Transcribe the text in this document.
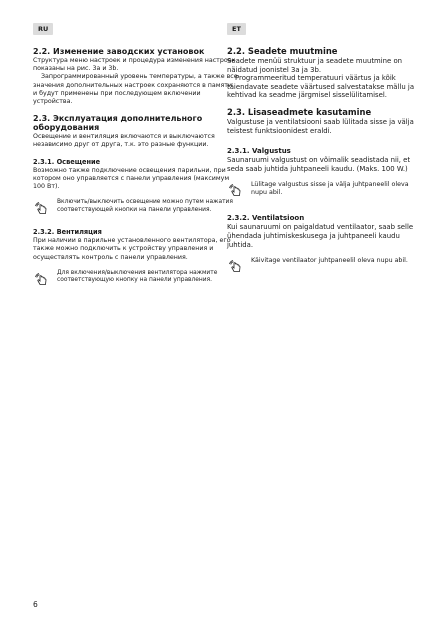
RU
2.2. Изменение заводских установок

Структура меню настроек и процедура изменения настроек показаны на рис. 3a и 3b.

Запрограммированный уровень температуры, а также все значения дополнительных настроек сохраняются в памяти и будут применены при последующем включении устройства.

2.3. Эксплуатация дополнительного оборудования

Освещение и вентиляция включаются и выключаются независимо друг от друга, т.к. это разные функции.

2.3.1. Освещение

Возможно также подключение освещения парильни, при котором оно управляется с панели управления (максимум 100 Вт).

Включить/выключить освещение можно путем нажатия соответствующей кнопки на панели управления.

2.3.2. Вентиляция

При наличии в парильне установленного вентилятора, его также можно подключить к устройству управления и осуществлять контроль с панели управления.

Для включения/выключения вентилятора нажмите соответствующую кнопку на панели управления.

ET
2.2. Seadete muutmine

Seadete menüü struktuur ja seadete muutmine on näidatud joonistel 3a ja 3b.

Programmeeritud temperatuuri väärtus ja kõik täiendavate seadete väärtused salvestatakse mällu ja kehtivad ka seadme järgmisel sisselülitamisel.

2.3. Lisaseadmete kasutamine

Valgustuse ja ventilatsiooni saab lülitada sisse ja välja teistest funktsioonidest eraldi.

2.3.1. Valgustus

Saunaruumi valgustust on võimalik seadistada nii, et seda saab juhtida juhtpaneeli kaudu. (Maks. 100 W.)

Lülitage valgustus sisse ja välja juhtpaneelil oleva nupu abil.

2.3.2. Ventilatsioon

Kui saunaruumi on paigaldatud ventilaator, saab selle ühendada juhtimiskeskusega ja juhtpaneeli kaudu juhtida.

Käivitage ventilaator juhtpaneelil oleva nupu abil.

6
